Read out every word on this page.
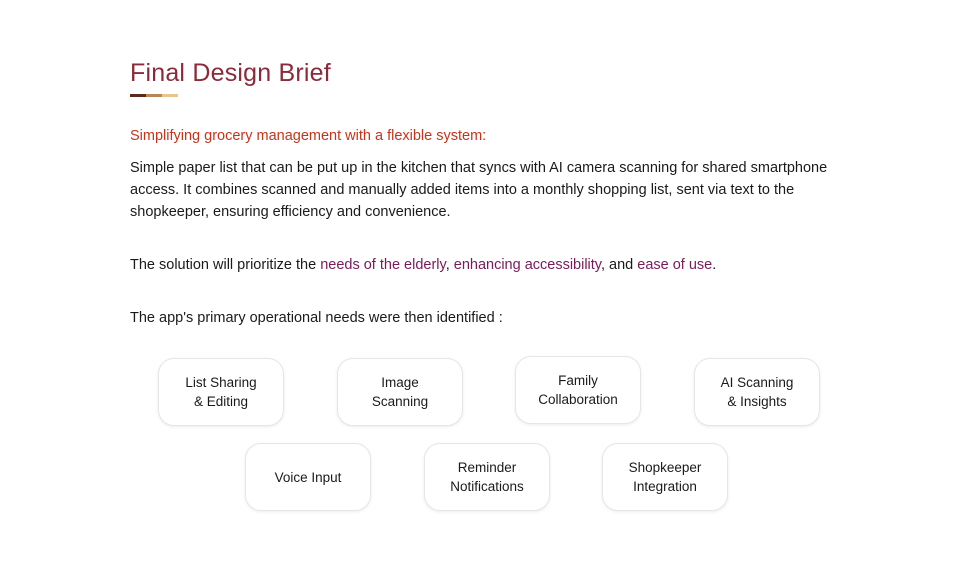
Final Design Brief

Simplifying grocery management with a flexible system:

Simple paper list that can be put up in the kitchen that syncs with AI camera scanning for shared smartphone access. It combines scanned and manually added items into a monthly shopping list, sent via text to the shopkeeper, ensuring efficiency and convenience.

The solution will prioritize the needs of the elderly, enhancing accessibility, and ease of use.

The app's primary operational needs were then identified :

List Sharing
& Editing
Image
Scanning
Family
Collaboration
AI Scanning
& Insights
Voice Input
Reminder
Notifications
Shopkeeper
Integration
